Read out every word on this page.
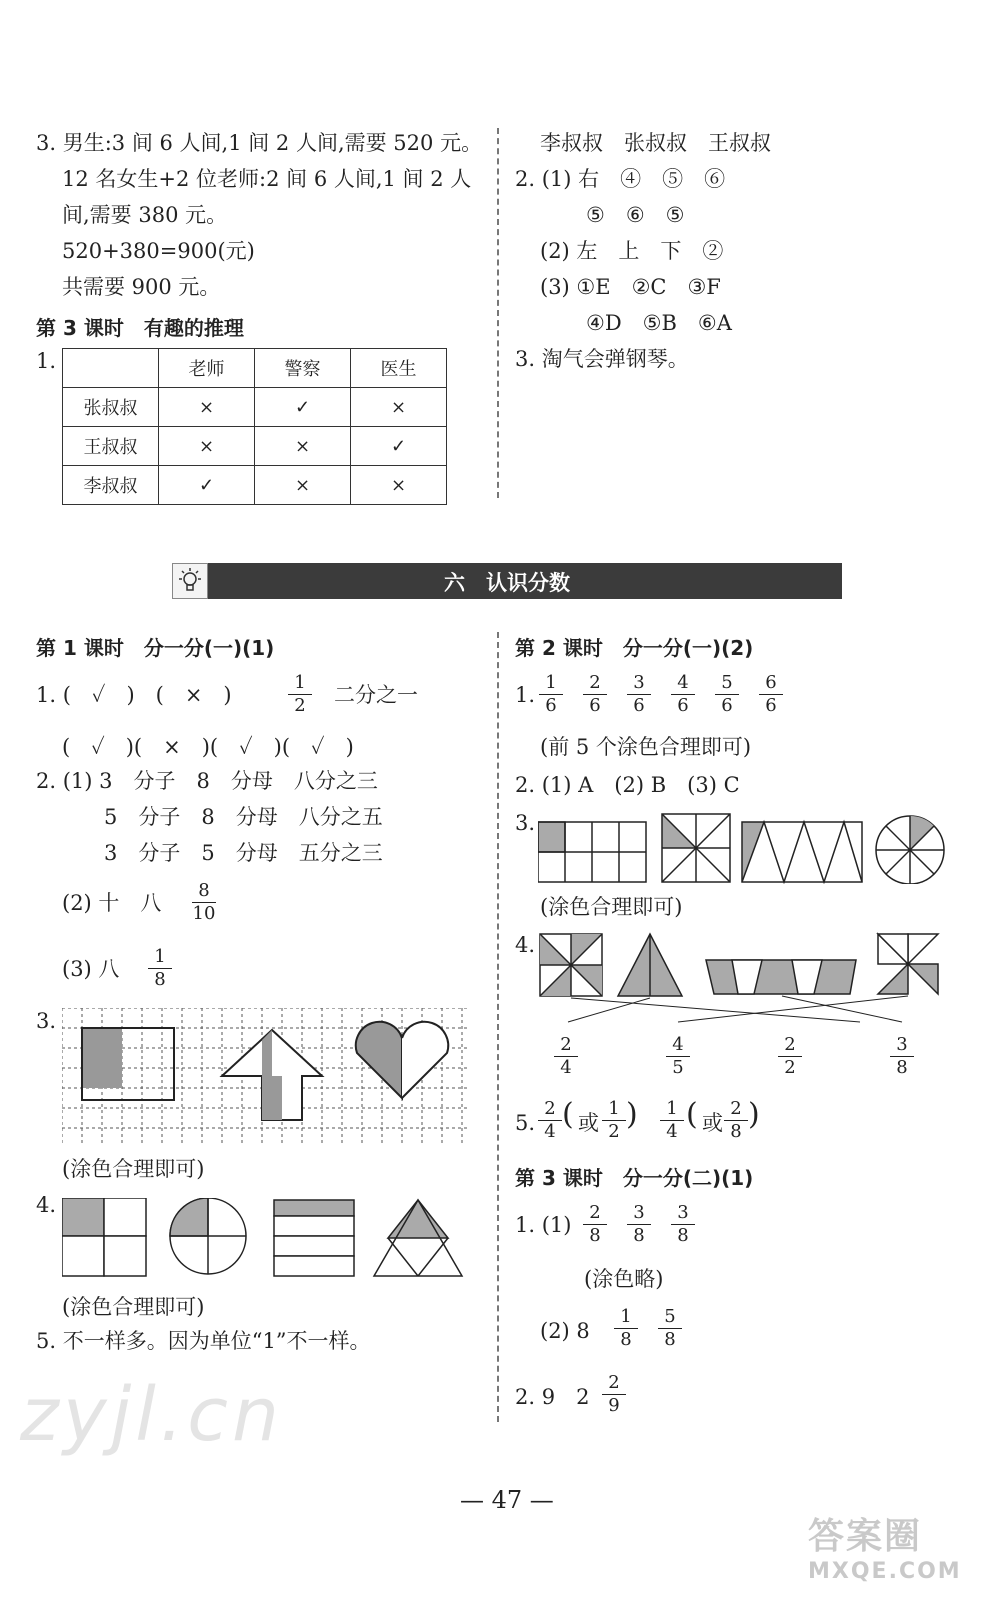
3. 男生:3 间 6 人间,1 间 2 人间,需要 520 元。
12 名女生+2 位老师:2 间 6 人间,1 间 2 人
间,需要 380 元。
520+380=900(元)
共需要 900 元。
第 3 课时　有趣的推理
1.
		老师	警察	医生
张叔叔	×	✓	×
王叔叔	×	×	✓
李叔叔	✓	×	×
李叔叔　张叔叔　王叔叔
2. (1) 右　④　⑤　⑥
⑤　⑥　⑤
(2) 左　上　下　②
(3) ①E　②C　③F
④D　⑤B　⑥A
3. 淘气会弹钢琴。
六　认识分数
第 1 课时　分一分(一)(1)
1. (　✓　)　(　×　)	$\frac{1}{2}$ 二分之一
(　✓　)(　×　)(　✓　)(　✓　)
2. (1) 3　分子　8　分母　八分之三
5　分子　8　分母　八分之五
3　分子　5　分母　五分之三
(2) 十　八 $\frac{8}{10}$
(3) 八 $\frac{1}{8}$
3.
(涂色合理即可)
4.
(涂色合理即可)
5. 不一样多。因为单位“1”不一样。
zyjl.cn
第 2 课时　分一分(一)(2)
1. $\frac{1}{6} \frac{2}{6} \frac{3}{6} \frac{4}{6} \frac{5}{6} \frac{6}{6}$
(前 5 个涂色合理即可)
2. (1) A　(2) B　(3) C
3.
(涂色合理即可)
4.
$\frac{2}{4}$	$\frac{4}{5}$	$\frac{2}{2}$	$\frac{3}{8}$
5. $\frac{2}{4}$ ( 或 $\frac{1}{2}$ ) $\frac{1}{4}$ ( 或 $\frac{2}{8}$ )
第 3 课时　分一分(二)(1)
1. $(1) \frac{2}{8} \frac{3}{8} \frac{3}{8}$
(涂色略)
(2) $8 \frac{1}{8} \frac{5}{8}$
2. 9　$2 \frac{2}{9}$
— 47 —
答案圈
MXQE.COM
